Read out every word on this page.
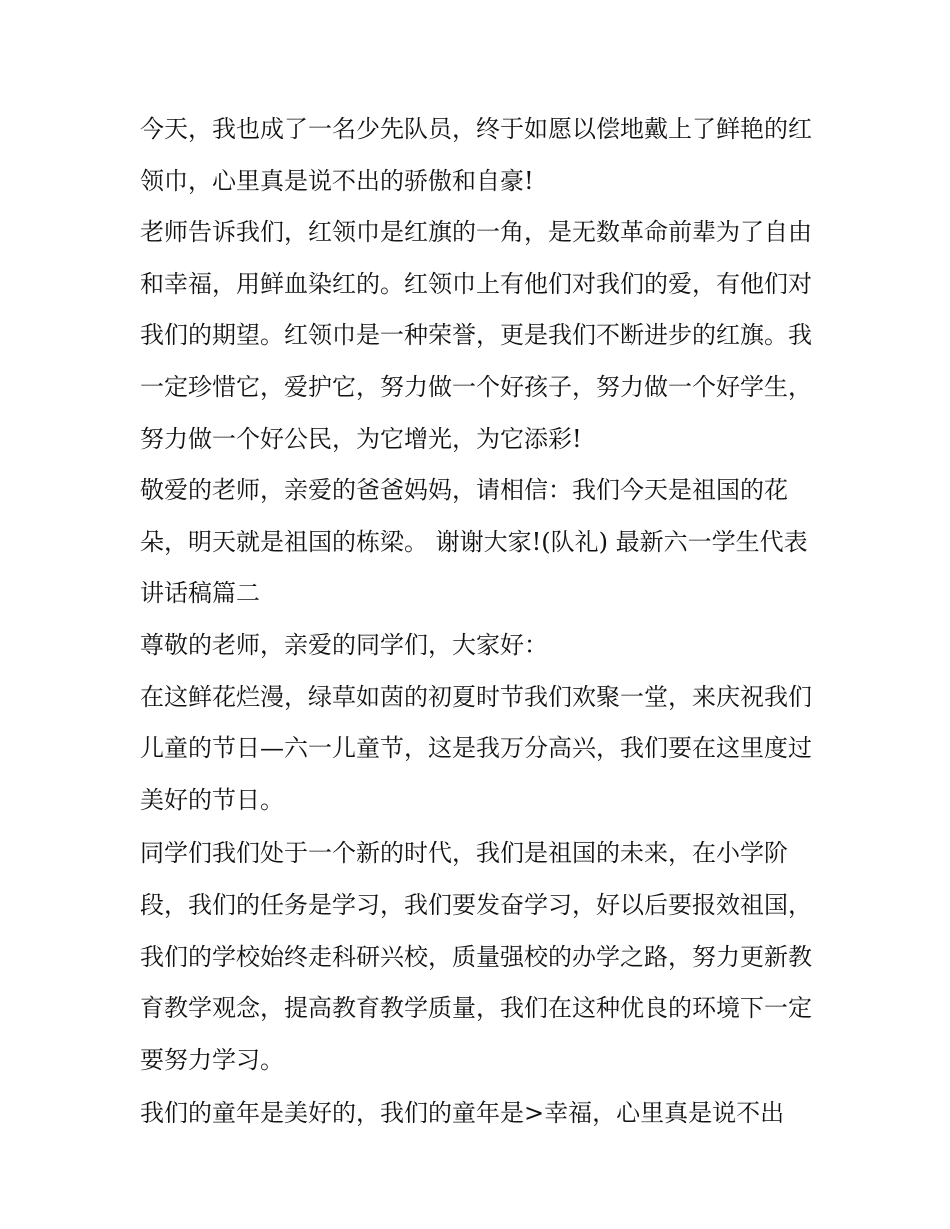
今天，我也成了一名少先队员，终于如愿以偿地戴上了鲜艳的红领巾，心里真是说不出的骄傲和自豪!

老师告诉我们，红领巾是红旗的一角，是无数革命前辈为了自由和幸福，用鲜血染红的。红领巾上有他们对我们的爱，有他们对我们的期望。红领巾是一种荣誉，更是我们不断进步的红旗。我一定珍惜它，爱护它，努力做一个好孩子，努力做一个好学生，努力做一个好公民，为它增光，为它添彩!

敬爱的老师，亲爱的爸爸妈妈，请相信：我们今天是祖国的花朵，明天就是祖国的栋梁。 谢谢大家!(队礼) 最新六一学生代表讲话稿篇二

尊敬的老师，亲爱的同学们，大家好：

在这鲜花烂漫，绿草如茵的初夏时节我们欢聚一堂，来庆祝我们儿童的节日—六一儿童节，这是我万分高兴，我们要在这里度过美好的节日。

同学们我们处于一个新的时代，我们是祖国的未来，在小学阶段，我们的任务是学习，我们要发奋学习，好以后要报效祖国，我们的学校始终走科研兴校，质量强校的办学之路，努力更新教育教学观念，提高教育教学质量，我们在这种优良的环境下一定要努力学习。

我们的童年是美好的，我们的童年是>幸福，心里真是说不出
